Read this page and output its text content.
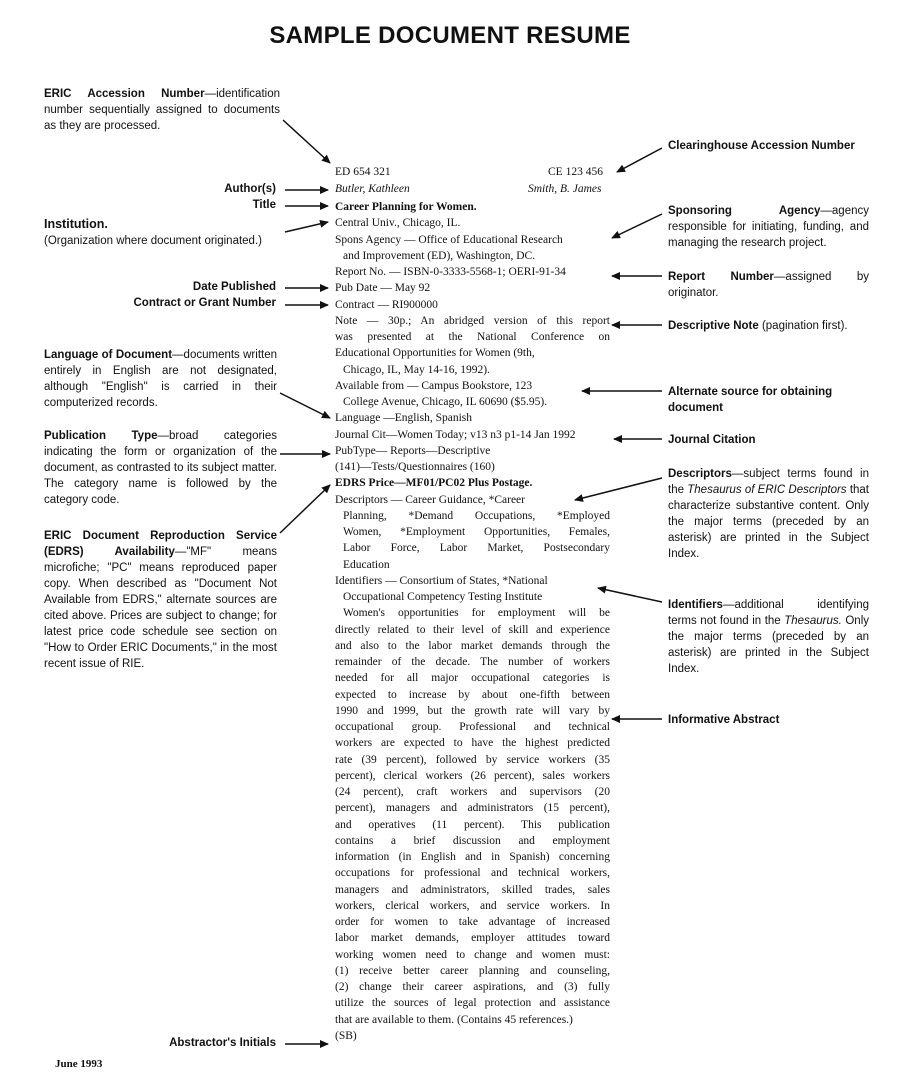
SAMPLE DOCUMENT RESUME
ERIC Accession Number—identification number sequentially assigned to documents as they are processed.
Institution.
(Organization where document originated.)
Language of Document—documents written entirely in English are not designated, although "English" is carried in their computerized records.
Publication Type—broad categories indicating the form or organization of the document, as contrasted to its subject matter. The category name is followed by the category code.
ERIC Document Reproduction Service (EDRS) Availability—"MF" means microfiche; "PC" means reproduced paper copy. When described as "Document Not Available from EDRS," alternate sources are cited above. Prices are subject to change; for latest price code schedule see section on "How to Order ERIC Documents," in the most recent issue of RIE.
Author(s)
Title
Date Published
Contract or Grant Number
Abstractor's Initials
ED 654 321	CE 123 456
Butler, Kathleen	Smith, B. James
Career Planning for Women.
Central Univ., Chicago, IL.
Spons Agency — Office of Educational Research
and Improvement (ED), Washington, DC.
Report No. — ISBN-0-3333-5568-1; OERI-91-34
Pub Date — May 92
Contract — RI900000
Note — 30p.; An abridged version of this report
was presented at the National Conference on
Educational Opportunities for Women (9th,
Chicago, IL, May 14-16, 1992).
Available from — Campus Bookstore, 123
College Avenue, Chicago, IL 60690 ($5.95).
Language —English, Spanish
Journal Cit—Women Today; v13 n3 p1-14 Jan 1992
PubType— Reports—Descriptive
(141)—Tests/Questionnaires (160)
EDRS Price—MF01/PC02 Plus Postage.
Descriptors — Career Guidance, *Career
Planning, *Demand Occupations, *Employed
Women, *Employment Opportunities, Females,
Labor Force, Labor Market, Postsecondary
Education
Identifiers — Consortium of States, *National
Occupational Competency Testing Institute
Women's opportunities for employment will be
directly related to their level of skill and experience
and also to the labor market demands through the
remainder of the decade. The number of workers
needed for all major occupational categories is
expected to increase by about one-fifth between
1990 and 1999, but the growth rate will vary by
occupational group. Professional and technical
workers are expected to have the highest predicted
rate (39 percent), followed by service workers (35
percent), clerical workers (26 percent), sales workers
(24 percent), craft workers and supervisors (20
percent), managers and administrators (15 percent),
and operatives (11 percent). This publication
contains a brief discussion and employment
information (in English and in Spanish) concerning
occupations for professional and technical workers,
managers and administrators, skilled trades, sales
workers, clerical workers, and service workers. In
order for women to take advantage of increased
labor market demands, employer attitudes toward
working women need to change and women must:
(1) receive better career planning and counseling,
(2) change their career aspirations, and (3) fully
utilize the sources of legal protection and assistance
that are available to them. (Contains 45 references.)
(SB)
Clearinghouse Accession Number
Sponsoring Agency—agency responsible for initiating, funding, and managing the research project.
Report Number—assigned by originator.
Descriptive Note (pagination first).
Alternate source for obtaining document
Journal Citation
Descriptors—subject terms found in the Thesaurus of ERIC Descriptors that characterize substantive content. Only the major terms (preceded by an asterisk) are printed in the Subject Index.
Identifiers—additional identifying terms not found in the Thesaurus. Only the major terms (preceded by an asterisk) are printed in the Subject Index.
Informative Abstract
June 1993
